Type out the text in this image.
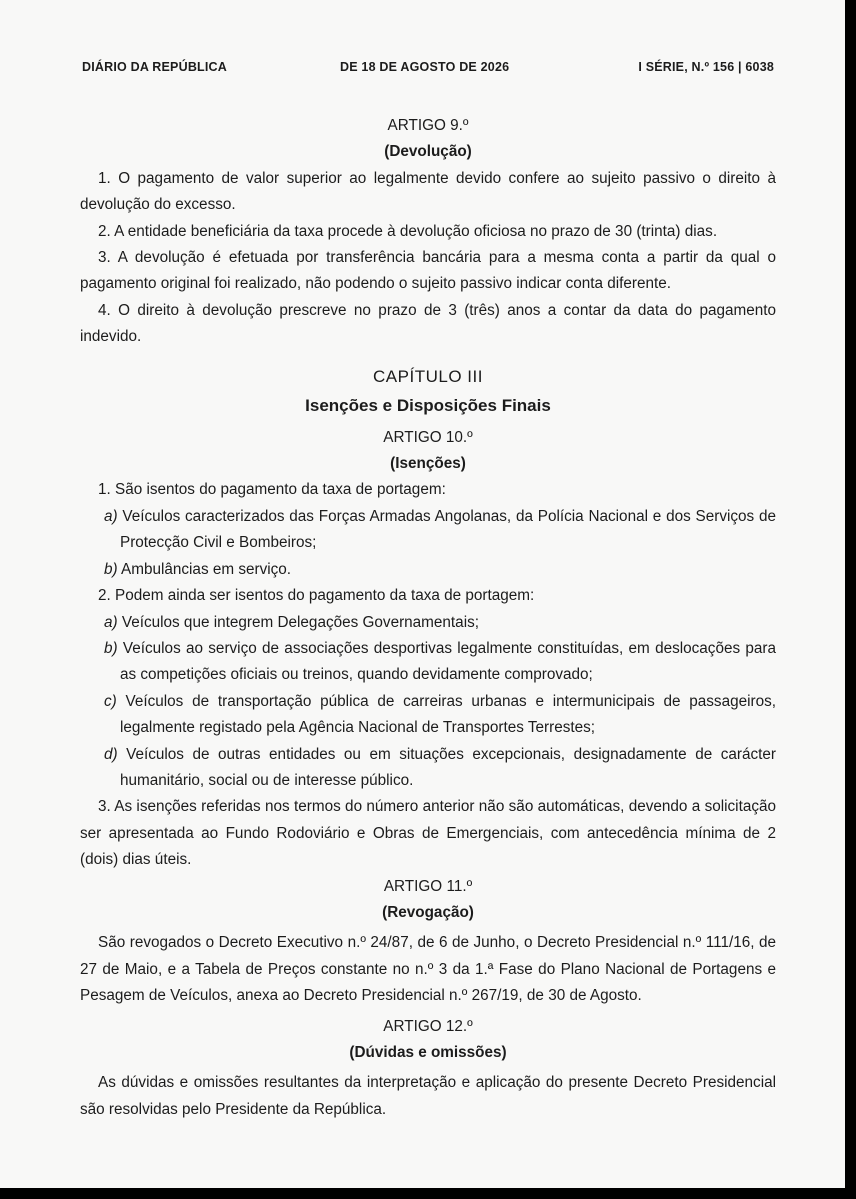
DIÁRIO DA REPÚBLICA	DE 18 DE AGOSTO DE 2026	I SÉRIE, N.º 156 | 6038
ARTIGO 9.º
(Devolução)

1. O pagamento de valor superior ao legalmente devido confere ao sujeito passivo o direito à devolução do excesso.

2. A entidade beneficiária da taxa procede à devolução oficiosa no prazo de 30 (trinta) dias.

3. A devolução é efetuada por transferência bancária para a mesma conta a partir da qual o pagamento original foi realizado, não podendo o sujeito passivo indicar conta diferente.

4. O direito à devolução prescreve no prazo de 3 (três) anos a contar da data do pagamento indevido.

CAPÍTULO III
Isenções e Disposições Finais
ARTIGO 10.º
(Isenções)

1. São isentos do pagamento da taxa de portagem:

a) Veículos caracterizados das Forças Armadas Angolanas, da Polícia Nacional e dos Serviços de Protecção Civil e Bombeiros;

b) Ambulâncias em serviço.

2. Podem ainda ser isentos do pagamento da taxa de portagem:

a) Veículos que integrem Delegações Governamentais;

b) Veículos ao serviço de associações desportivas legalmente constituídas, em deslocações para as competições oficiais ou treinos, quando devidamente comprovado;

c) Veículos de transportação pública de carreiras urbanas e intermunicipais de passageiros, legalmente registado pela Agência Nacional de Transportes Terrestes;

d) Veículos de outras entidades ou em situações excepcionais, designadamente de carácter humanitário, social ou de interesse público.

3. As isenções referidas nos termos do número anterior não são automáticas, devendo a solicitação ser apresentada ao Fundo Rodoviário e Obras de Emergenciais, com antecedência mínima de 2 (dois) dias úteis.

ARTIGO 11.º
(Revogação)

São revogados o Decreto Executivo n.º 24/87, de 6 de Junho, o Decreto Presidencial n.º 111/16, de 27 de Maio, e a Tabela de Preços constante no n.º 3 da 1.ª Fase do Plano Nacional de Portagens e Pesagem de Veículos, anexa ao Decreto Presidencial n.º 267/19, de 30 de Agosto.

ARTIGO 12.º
(Dúvidas e omissões)

As dúvidas e omissões resultantes da interpretação e aplicação do presente Decreto Presidencial são resolvidas pelo Presidente da República.
